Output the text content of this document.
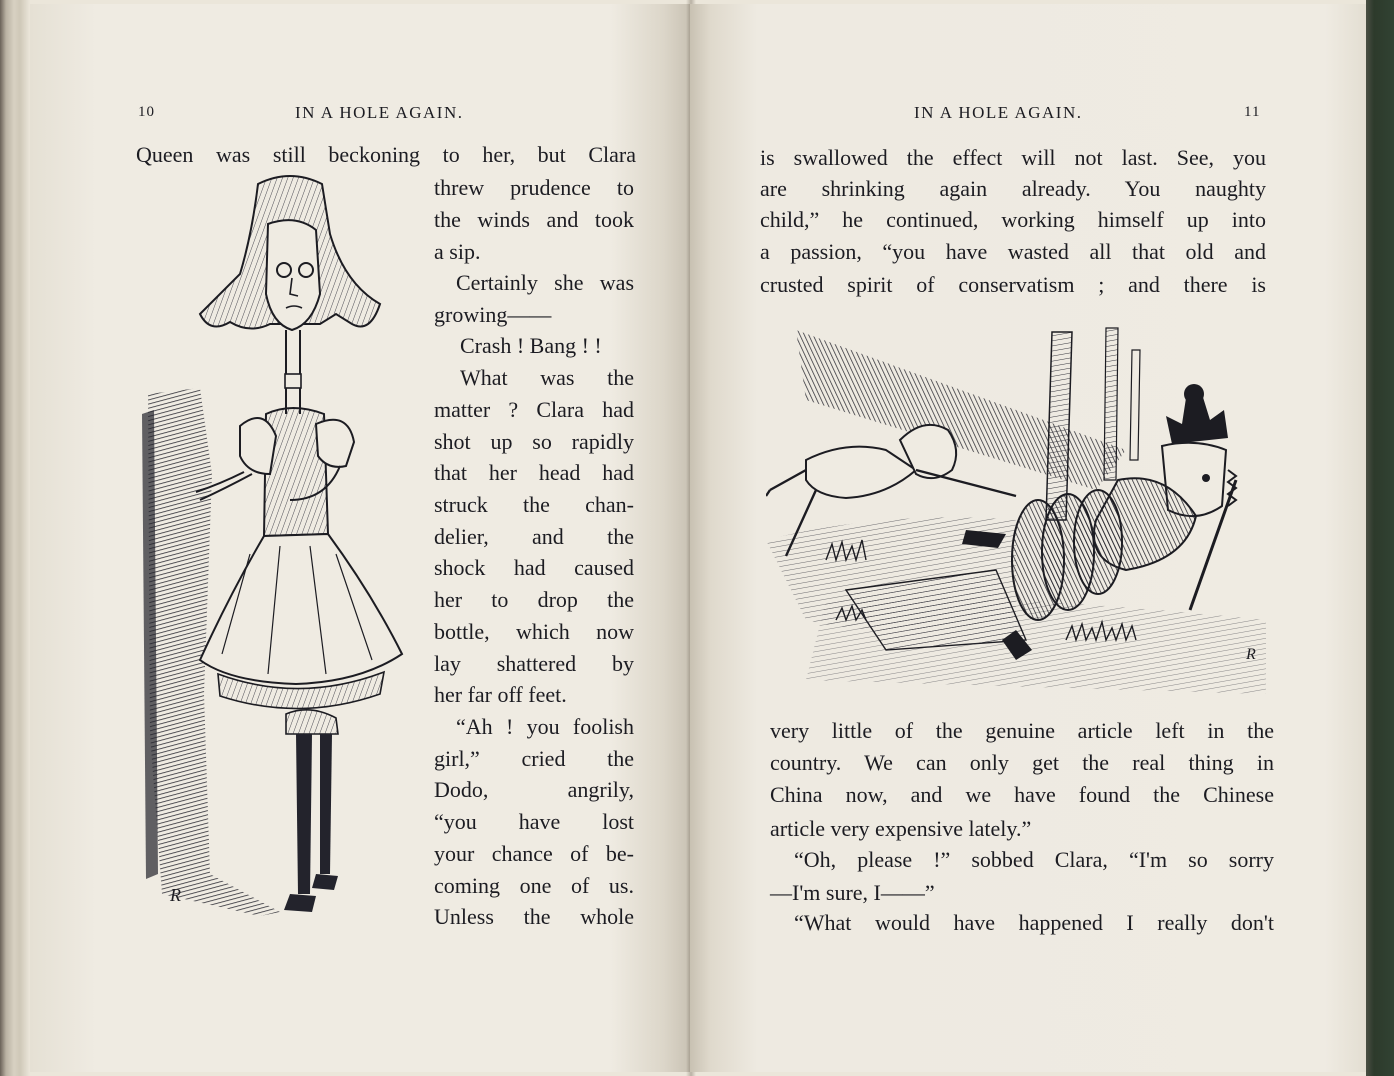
10	IN A HOLE AGAIN.
Queen was still beckoning to her, but Clara
threw prudence to
the winds and took
a sip.
Certainly she was
growing——
Crash ! Bang ! !
What was the
matter ? Clara had
shot up so rapidly
that her head had
struck the chan-
delier, and the
shock had caused
her to drop the
bottle, which now
lay shattered by
her far off feet.
“Ah ! you foolish
girl,” cried the
Dodo, angrily,
“you have lost
your chance of be-
coming one of us.
Unless the whole
R
IN A HOLE AGAIN.	11
is swallowed the effect will not last. See, you
are shrinking again already. You naughty
child,” he continued, working himself up into
a passion, “you have wasted all that old and
crusted spirit of conservatism ; and there is
R
very little of the genuine article left in the
country. We can only get the real thing in
China now, and we have found the Chinese
article very expensive lately.”
“Oh, please !” sobbed Clara, “I'm so sorry
—I'm sure, I——”
“What would have happened I really don't
